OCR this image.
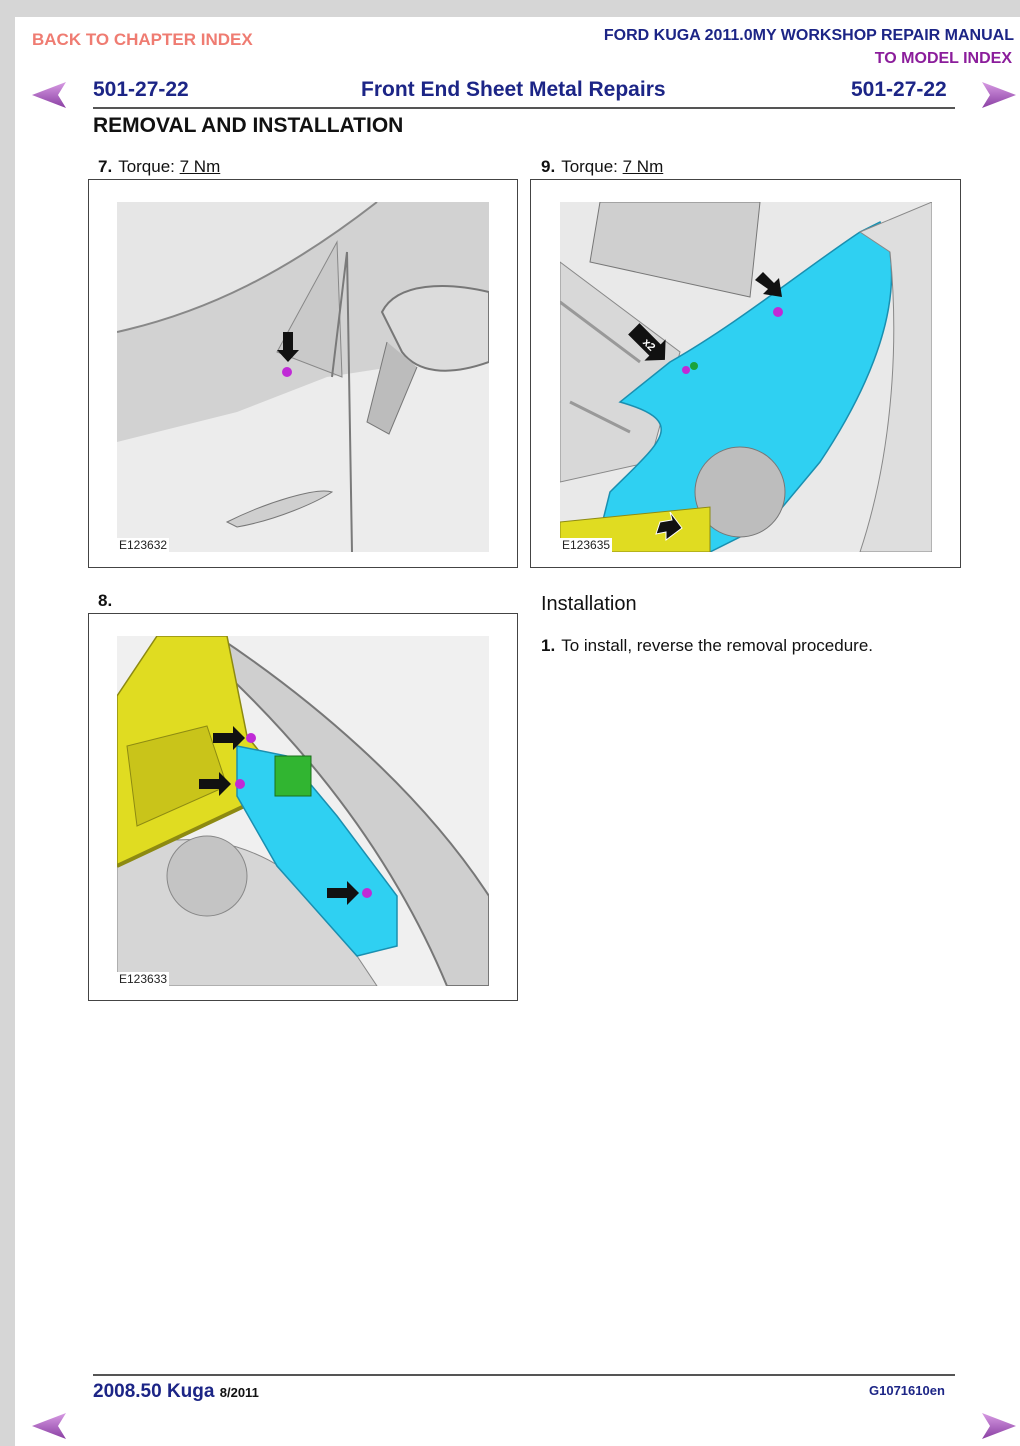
BACK TO CHAPTER INDEX	FORD KUGA 2011.0MY WORKSHOP REPAIR MANUAL
TO MODEL INDEX
501-27-22	Front End Sheet Metal Repairs	501-27-22
REMOVAL AND INSTALLATION
7. Torque: 7 Nm
E123632
9. Torque: 7 Nm
x2
E123635
8.
E123633
Installation
1. To install, reverse the removal procedure.
2008.50 Kuga 8/2011	G1071610en
